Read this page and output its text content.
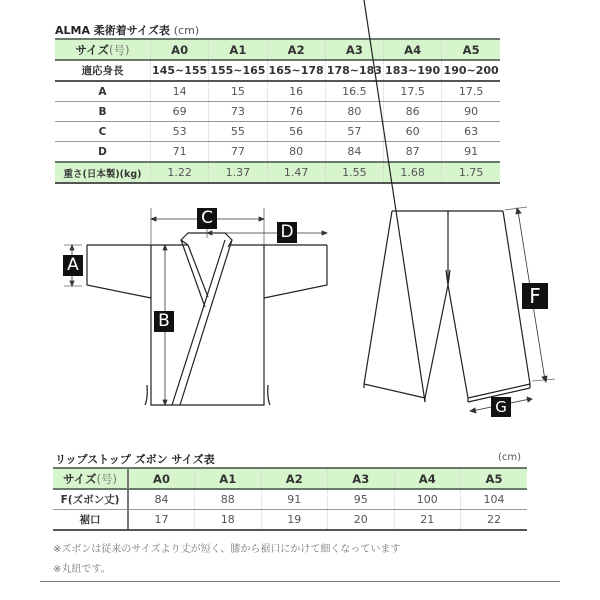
ALMA 柔術着サイズ表 (cm)
サイズ(号)	A0	A1	A2	A3	A4	A5
適応身長	145~155	155~165	165~178	178~183	183~190	190~200
A	14	15	16	16.5	17.5	17.5
B	69	73	76	80	86	90
C	53	55	56	57	60	63
D	71	77	80	84	87	91
重さ(日本製)(kg)	1.22	1.37	1.47	1.55	1.68	1.75
A
B
C
D
F
G
リップストップ ズボン サイズ表	(cm)
サイズ(号)	A0	A1	A2	A3	A4	A5
F(ズボン丈)	84	88	91	95	100	104
裾口	17	18	19	20	21	22
※ズボンは従来のサイズより丈が短く、膝から裾口にかけて細くなっています
※丸紐です。
